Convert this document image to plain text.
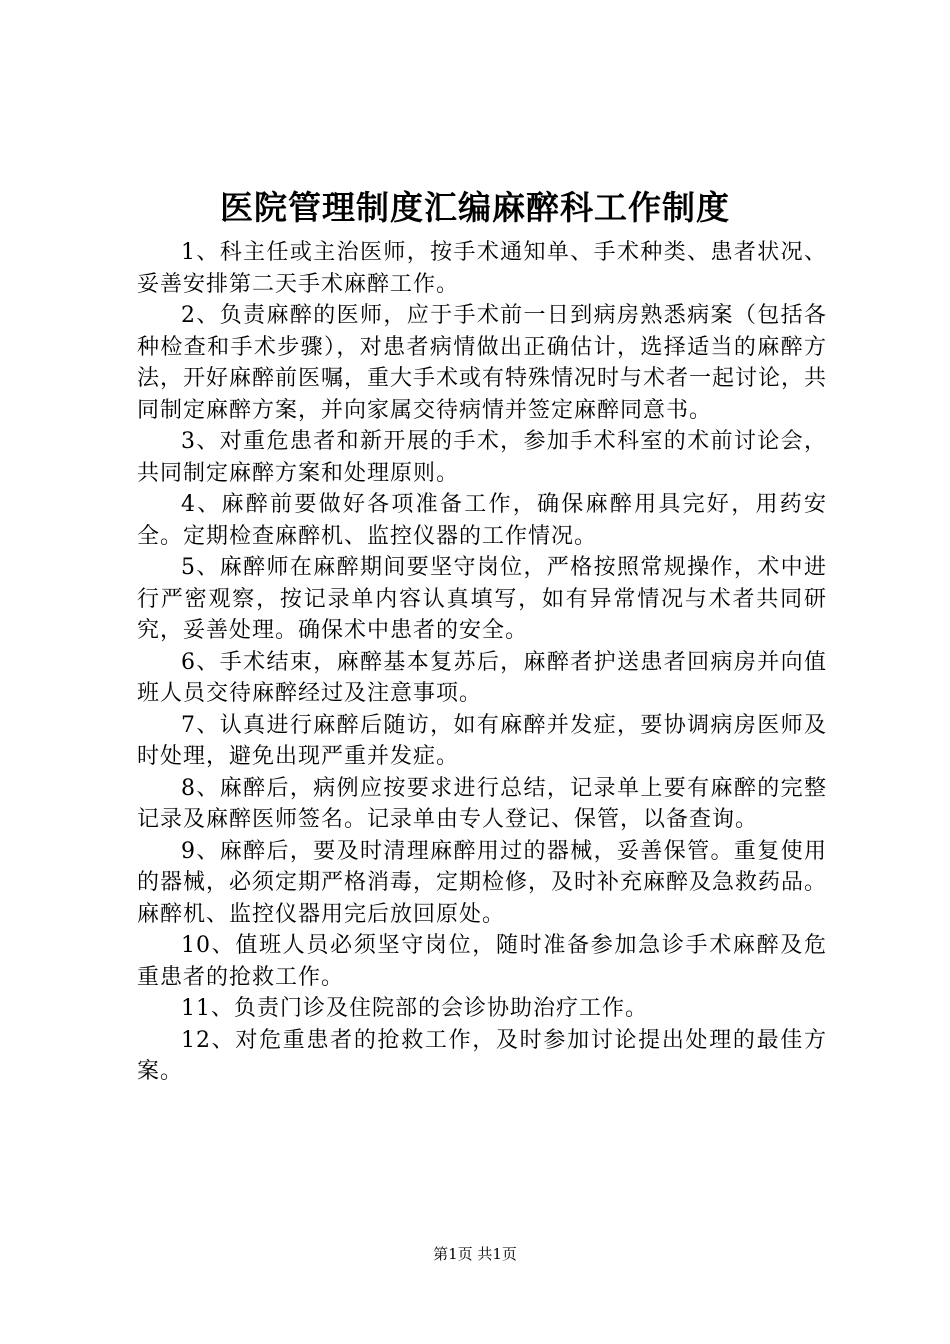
医院管理制度汇编麻醉科工作制度

1、科主任或主治医师，按手术通知单、手术种类、患者状况、妥善安排第二天手术麻醉工作。

2、负责麻醉的医师，应于手术前一日到病房熟悉病案（包括各种检查和手术步骤），对患者病情做出正确估计，选择适当的麻醉方法，开好麻醉前医嘱，重大手术或有特殊情况时与术者一起讨论，共同制定麻醉方案，并向家属交待病情并签定麻醉同意书。

3、对重危患者和新开展的手术，参加手术科室的术前讨论会，共同制定麻醉方案和处理原则。

4、麻醉前要做好各项准备工作，确保麻醉用具完好，用药安全。定期检查麻醉机、监控仪器的工作情况。

5、麻醉师在麻醉期间要坚守岗位，严格按照常规操作，术中进行严密观察，按记录单内容认真填写，如有异常情况与术者共同研究，妥善处理。确保术中患者的安全。

6、手术结束，麻醉基本复苏后，麻醉者护送患者回病房并向值班人员交待麻醉经过及注意事项。

7、认真进行麻醉后随访，如有麻醉并发症，要协调病房医师及时处理，避免出现严重并发症。

8、麻醉后，病例应按要求进行总结，记录单上要有麻醉的完整记录及麻醉医师签名。记录单由专人登记、保管，以备查询。

9、麻醉后，要及时清理麻醉用过的器械，妥善保管。重复使用的器械，必须定期严格消毒，定期检修，及时补充麻醉及急救药品。麻醉机、监控仪器用完后放回原处。

10、值班人员必须坚守岗位，随时准备参加急诊手术麻醉及危重患者的抢救工作。

11、负责门诊及住院部的会诊协助治疗工作。

12、对危重患者的抢救工作，及时参加讨论提出处理的最佳方案。

第1页 共1页
